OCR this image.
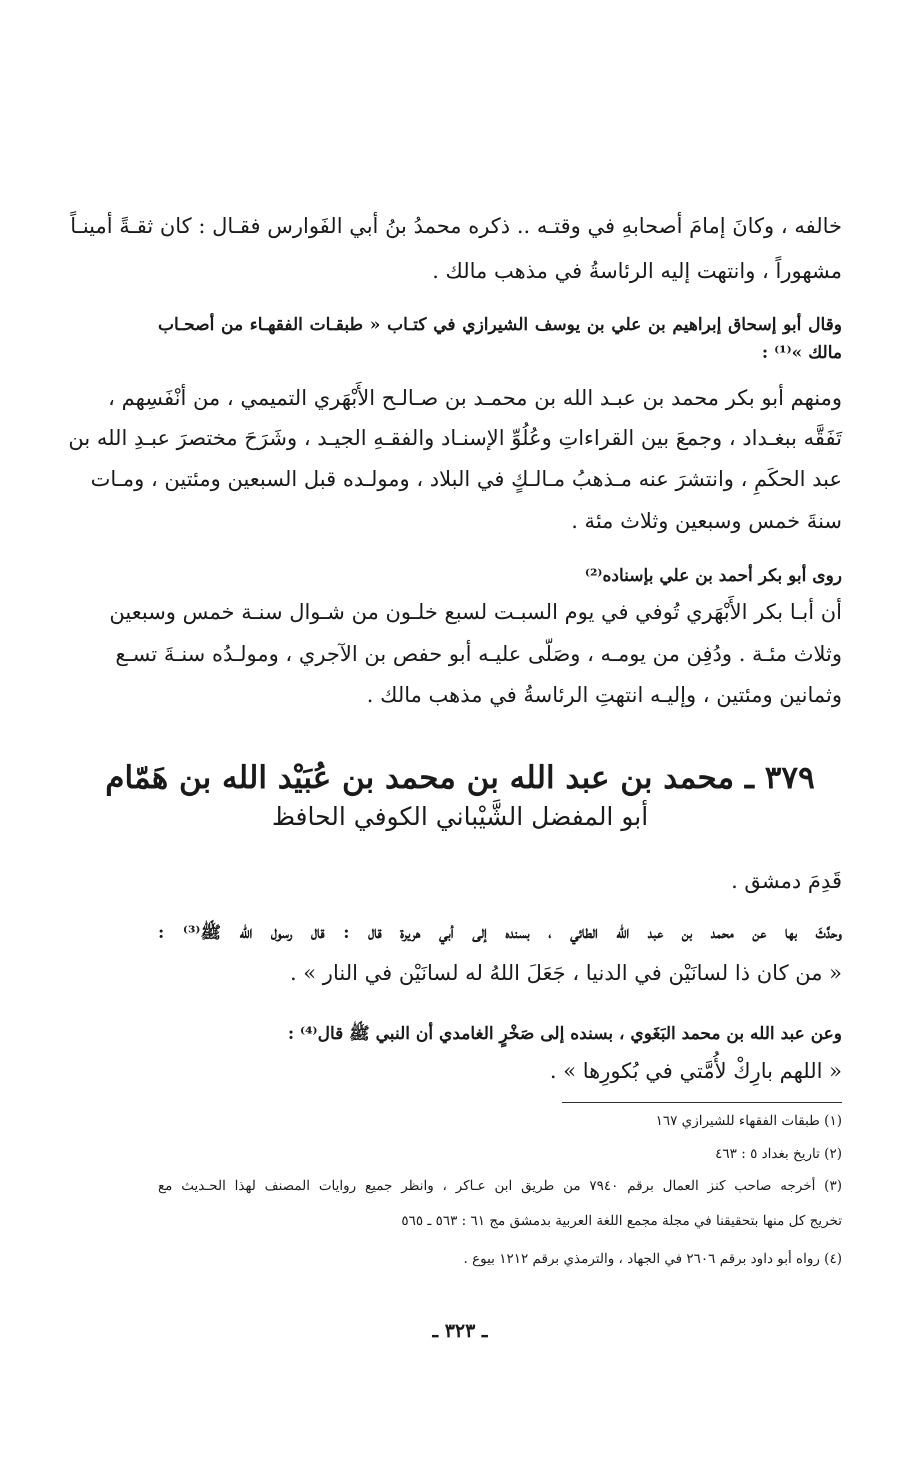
خالفه ، وكانَ إمامَ أصحابهِ في وقتـه .. ذكره محمدُ بنُ أبي الفَوارس فقـال : كان ثقـةً أمينـاً
مشهوراً ، وانتهت إليه الرئاسةُ في مذهب مالك .
وقال أبو إسحاق إبراهيم بن علي بن يوسف الشيرازي في كتـاب « طبقـات الفقهـاء من أصحـاب
مالك »⁽¹⁾ :
ومنهم أبو بكر محمد بن عبـد الله بن محمـد بن صـالـح الأَبْهَري التميمي ، من أنْفَسِهم ،
تَفَقَّه ببغـداد ، وجمعَ بين القراءاتِ وعُلُوِّ الإسنـاد والفقـهِ الجيـد ، وشَرَحَ مختصرَ عبـدِ الله بن
عبد الحكَمِ ، وانتشرَ عنه مـذهبُ مـالـكٍ في البلاد ، ومولـده قبل السبعين ومئتين ، ومـات
سنةَ خمس وسبعين وثلاث مئة .
روى أبو بكر أحمد بن علي بإسناده⁽²⁾
أن أبـا بكر الأَبْهَري تُوفي في يوم السبـت لسبع خلـون من شـوال سنـة خمس وسبعين
وثلاث مئـة . ودُفِن من يومـه ، وصَلّى عليـه أبو حفص بن الآجري ، ومولـدُه سنـةَ تسـع
وثمانين ومئتين ، وإليـه انتهتِ الرئاسةُ في مذهب مالك .
٣٧٩ ـ محمد بن عبد الله بن محمد بن عُبَيْد الله بن هَمّام
أبو المفضل الشَّيْباني الكوفي الحافظ
قَدِمَ دمشق .
وحدَّثَ بها عن محمد بن عبد الله الطائي ، بسنده إلى أبي هريرة قال : قال رسول الله ﷺ⁽³⁾ :
« من كان ذا لسانَيْن في الدنيا ، جَعَلَ اللهُ له لسانَيْن في النار » .
وعن عبد الله بن محمد البَغَوي ، بسنده إلى صَخْرٍ الغامدي أن النبي ﷺ قال⁽⁴⁾ :
« اللهم بارِكْ لأُمَّتي في بُكورِها » .
(١) طبقات الفقهاء للشيرازي ١٦٧
(٢) تاريخ بغداد ٥ : ٤٦٣
(٣) أخرجه صاحب كنز العمال برقم ٧٩٤٠ من طريق ابن عـاكر ، وانظر جميع روايات المصنف لهذا الحـديث مع
تخريج كل منها بتحقيقنا في مجلة مجمع اللغة العربية بدمشق مج ٦١ : ٥٦٣ ـ ٥٦٥
(٤) رواه أبو داود برقم ٢٦٠٦ في الجهاد ، والترمذي برقم ١٢١٢ بيوع .
ـ ٣٢٣ ـ
